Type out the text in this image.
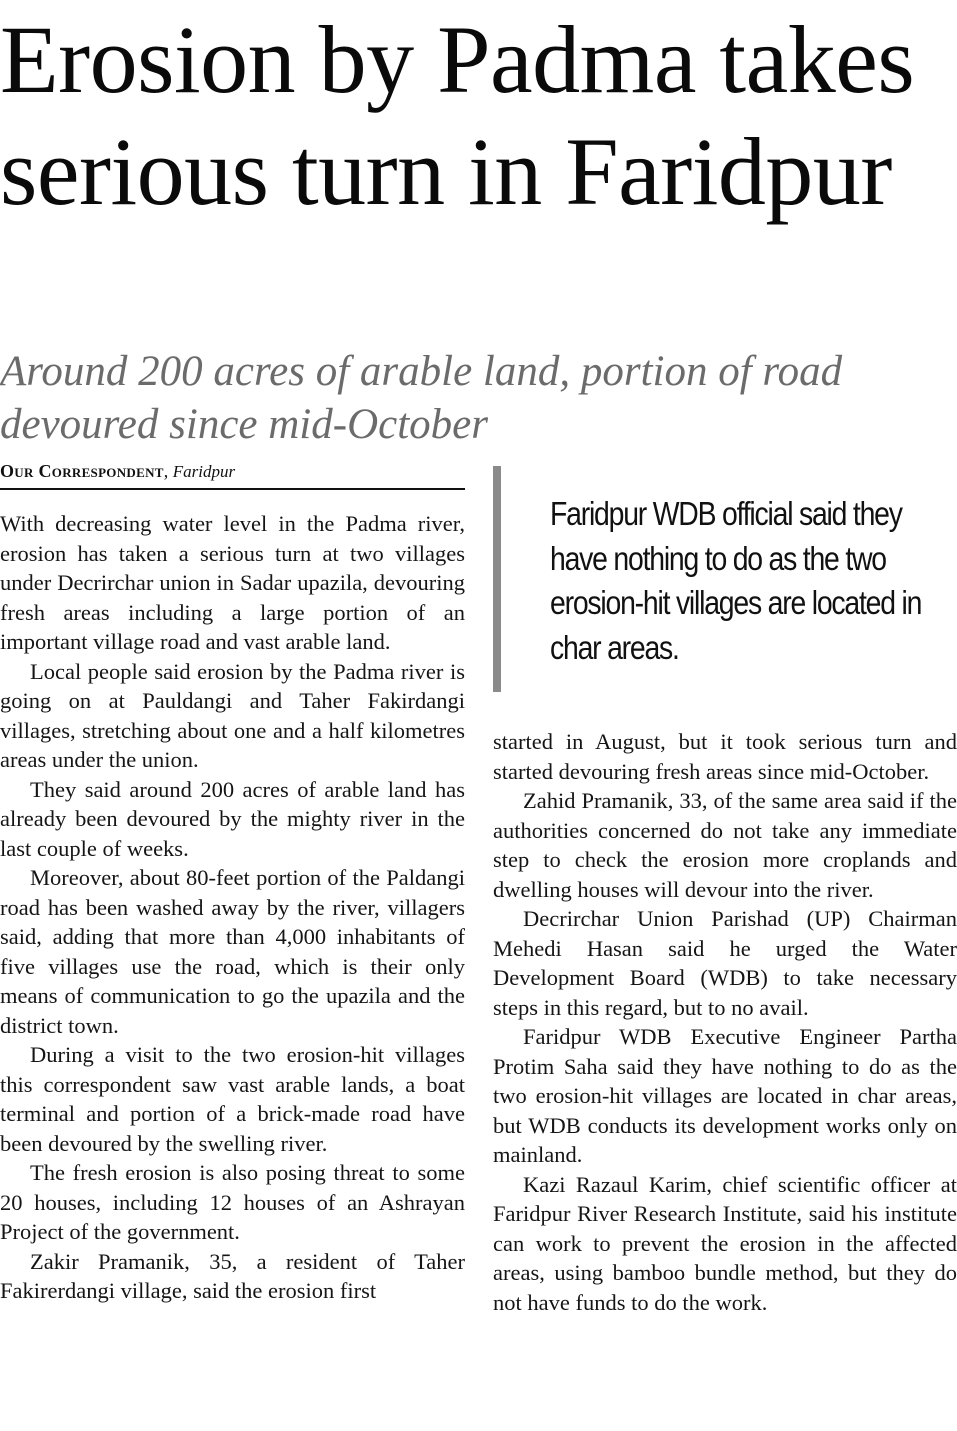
Erosion by Padma takes serious turn in Faridpur
Around 200 acres of arable land, portion of road devoured since mid-October
Our Correspondent, Faridpur
Faridpur WDB official said they have nothing to do as the two erosion-hit villages are located in char areas.

With decreasing water level in the Padma river, erosion has taken a serious turn at two villages under Decrirchar union in Sadar upazila, devouring fresh areas including a large portion of an important village road and vast arable land.

Local people said erosion by the Padma river is going on at Pauldangi and Taher Fakirdangi villages, stretching about one and a half kilometres areas under the union.

They said around 200 acres of arable land has already been devoured by the mighty river in the last couple of weeks.

Moreover, about 80-feet portion of the Paldangi road has been washed away by the river, villagers said, adding that more than 4,000 inhabitants of five villages use the road, which is their only means of communication to go the upazila and the district town.

During a visit to the two erosion-hit villages this correspondent saw vast arable lands, a boat terminal and portion of a brick-made road have been devoured by the swelling river.

The fresh erosion is also posing threat to some 20 houses, including 12 houses of an Ashrayan Project of the government.

Zakir Pramanik, 35, a resident of Taher Fakirerdangi village, said the erosion first

started in August, but it took serious turn and started devouring fresh areas since mid-October.

Zahid Pramanik, 33, of the same area said if the authorities concerned do not take any immediate step to check the erosion more croplands and dwelling houses will devour into the river.

Decrirchar Union Parishad (UP) Chairman Mehedi Hasan said he urged the Water Development Board (WDB) to take necessary steps in this regard, but to no avail.

Faridpur WDB Executive Engineer Partha Protim Saha said they have nothing to do as the two erosion-hit villages are located in char areas, but WDB conducts its development works only on mainland.

Kazi Razaul Karim, chief scientific officer at Faridpur River Research Institute, said his institute can work to prevent the erosion in the affected areas, using bamboo bundle method, but they do not have funds to do the work.
